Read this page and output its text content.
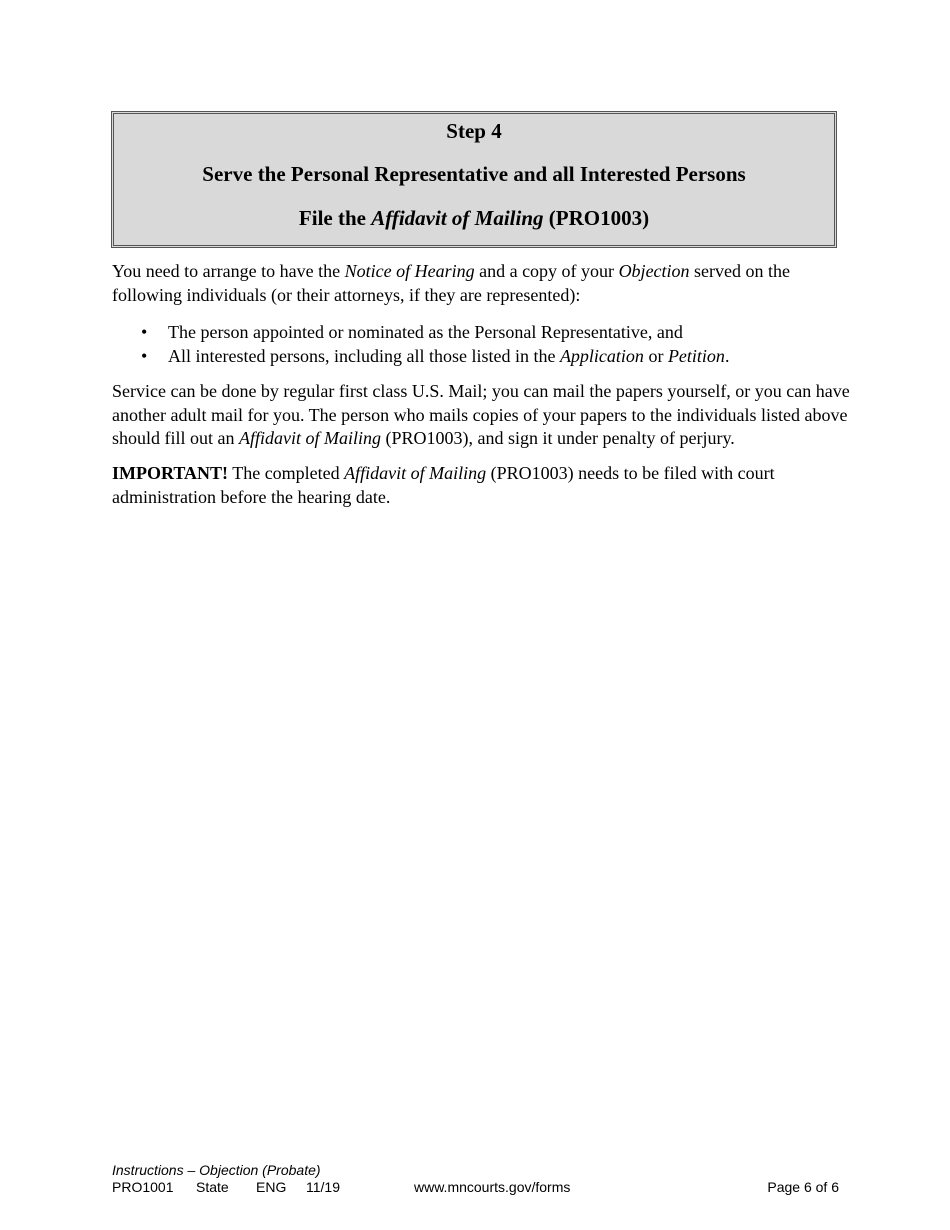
Step 4
Serve the Personal Representative and all Interested Persons
File the Affidavit of Mailing (PRO1003)
You need to arrange to have the Notice of Hearing and a copy of your Objection served on the following individuals (or their attorneys, if they are represented):
• The person appointed or nominated as the Personal Representative, and
• All interested persons, including all those listed in the Application or Petition.
Service can be done by regular first class U.S. Mail; you can mail the papers yourself, or you can have another adult mail for you. The person who mails copies of your papers to the individuals listed above should fill out an Affidavit of Mailing (PRO1003), and sign it under penalty of perjury.
IMPORTANT! The completed Affidavit of Mailing (PRO1003) needs to be filed with court administration before the hearing date.
Instructions – Objection (Probate)
PRO1001 State ENG 11/19	www.mncourts.gov/forms	Page 6 of 6
